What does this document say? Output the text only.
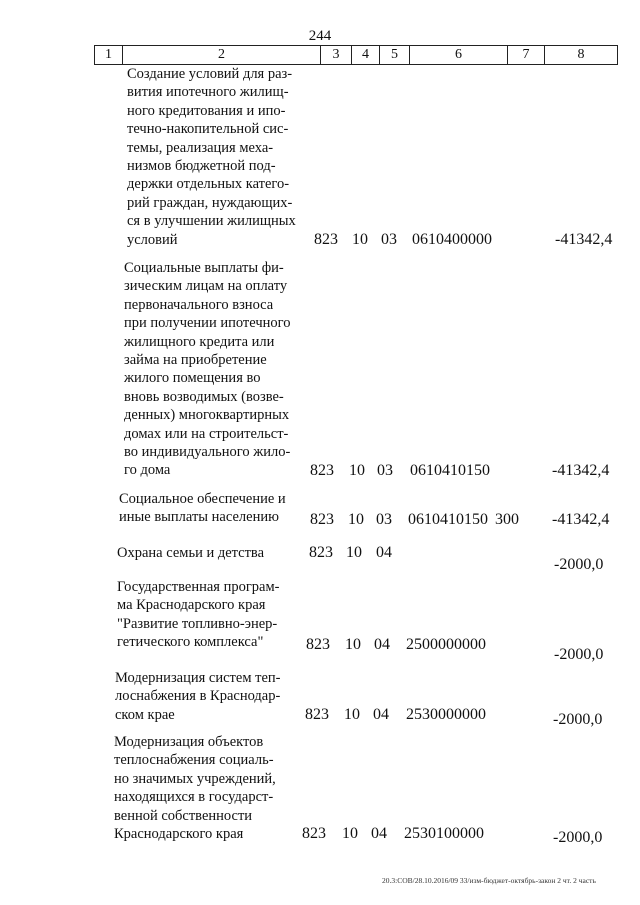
244
1	2	3	4	5	6	7	8
Создание условий для раз-
вития ипотечного жилищ-
ного кредитования и ипо-
течно-накопительной сис-
темы, реализация меха-
низмов бюджетной под-
держки отдельных катего-
рий граждан, нуждающих-
ся в улучшении жилищных
условий	823 10 03 0610400000	-41342,4
Социальные выплаты фи-
зическим лицам на оплату
первоначального взноса
при получении ипотечного
жилищного кредита или
займа на приобретение
жилого помещения во
вновь возводимых (возве-
денных) многоквартирных
домах или на строительст-
во индивидуального жило-
го дома	823 10 03 0610410150	-41342,4
Социальное обеспечение и
иные выплаты населению	823 10 03 0610410150 300 -41342,4
Охрана семьи и детства	823 10 04
-2000,0
Государственная програм-
ма Краснодарского края
"Развитие топливно-энер-
гетического комплекса"	823 10 04 2500000000
-2000,0
Модернизация систем теп-
лоснабжения в Краснодар-
ском крае	823 10 04 2530000000	-2000,0
Модернизация объектов
теплоснабжения социаль-
но значимых учреждений,
находящихся в государст-
венной собственности
Краснодарского края	823 10 04 2530100000	-2000,0
20.3:СОВ/28.10.2016/09 33/изм-бюджет-октябрь-закон 2 чт. 2 часть
